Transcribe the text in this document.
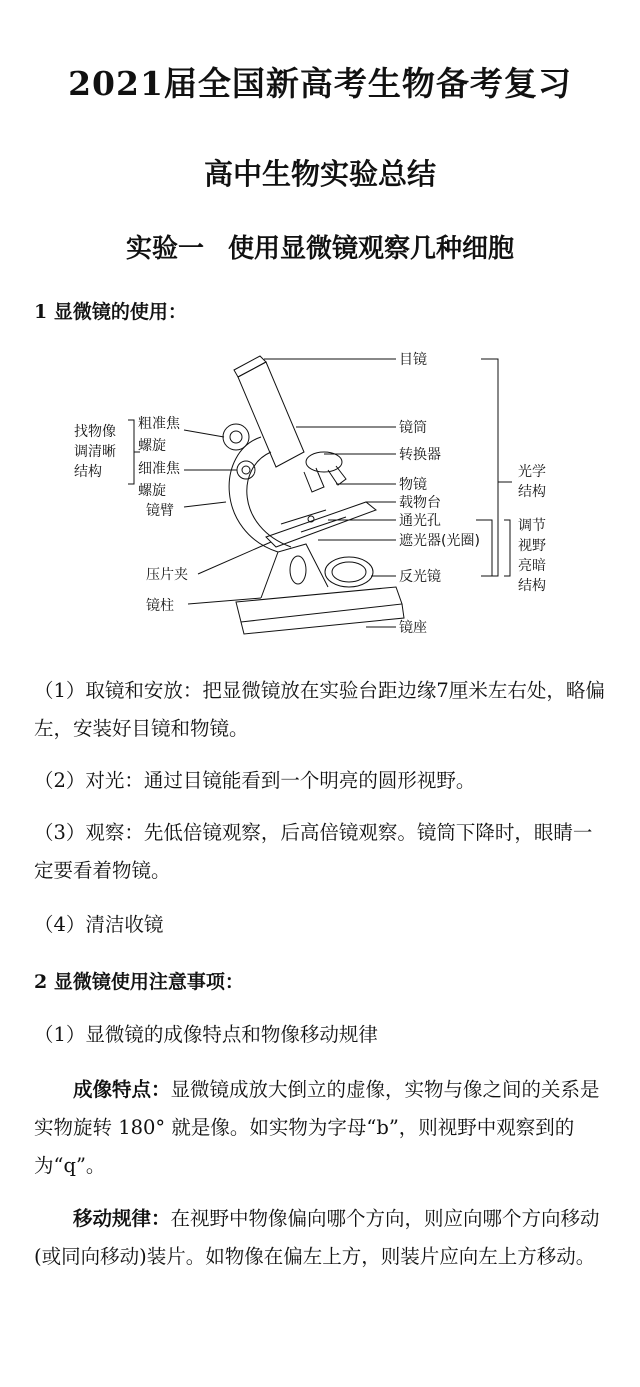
2021届全国新高考生物备考复习
高中生物实验总结
实验一 使用显微镜观察几种细胞
1 显微镜的使用：
目镜
镜筒
转换器
物镜
载物台
通光孔
遮光器(光圈)
反光镜
镜座
粗准焦
螺旋
细准焦
螺旋
镜臂
压片夹
镜柱
找物像
调清晰
结构	光学
结构
调节
视野
亮暗
结构
（1）取镜和安放：把显微镜放在实验台距边缘7厘米左右处，略偏左，安装好目镜和物镜。
（2）对光：通过目镜能看到一个明亮的圆形视野。
（3）观察：先低倍镜观察，后高倍镜观察。镜筒下降时，眼睛一定要看着物镜。
（4）清洁收镜
2 显微镜使用注意事项：
（1）显微镜的成像特点和物像移动规律
成像特点：显微镜成放大倒立的虚像，实物与像之间的关系是实物旋转 180° 就是像。如实物为字母“b”，则视野中观察到的为“q”。
移动规律：在视野中物像偏向哪个方向，则应向哪个方向移动(或同向移动)装片。如物像在偏左上方，则装片应向左上方移动。
